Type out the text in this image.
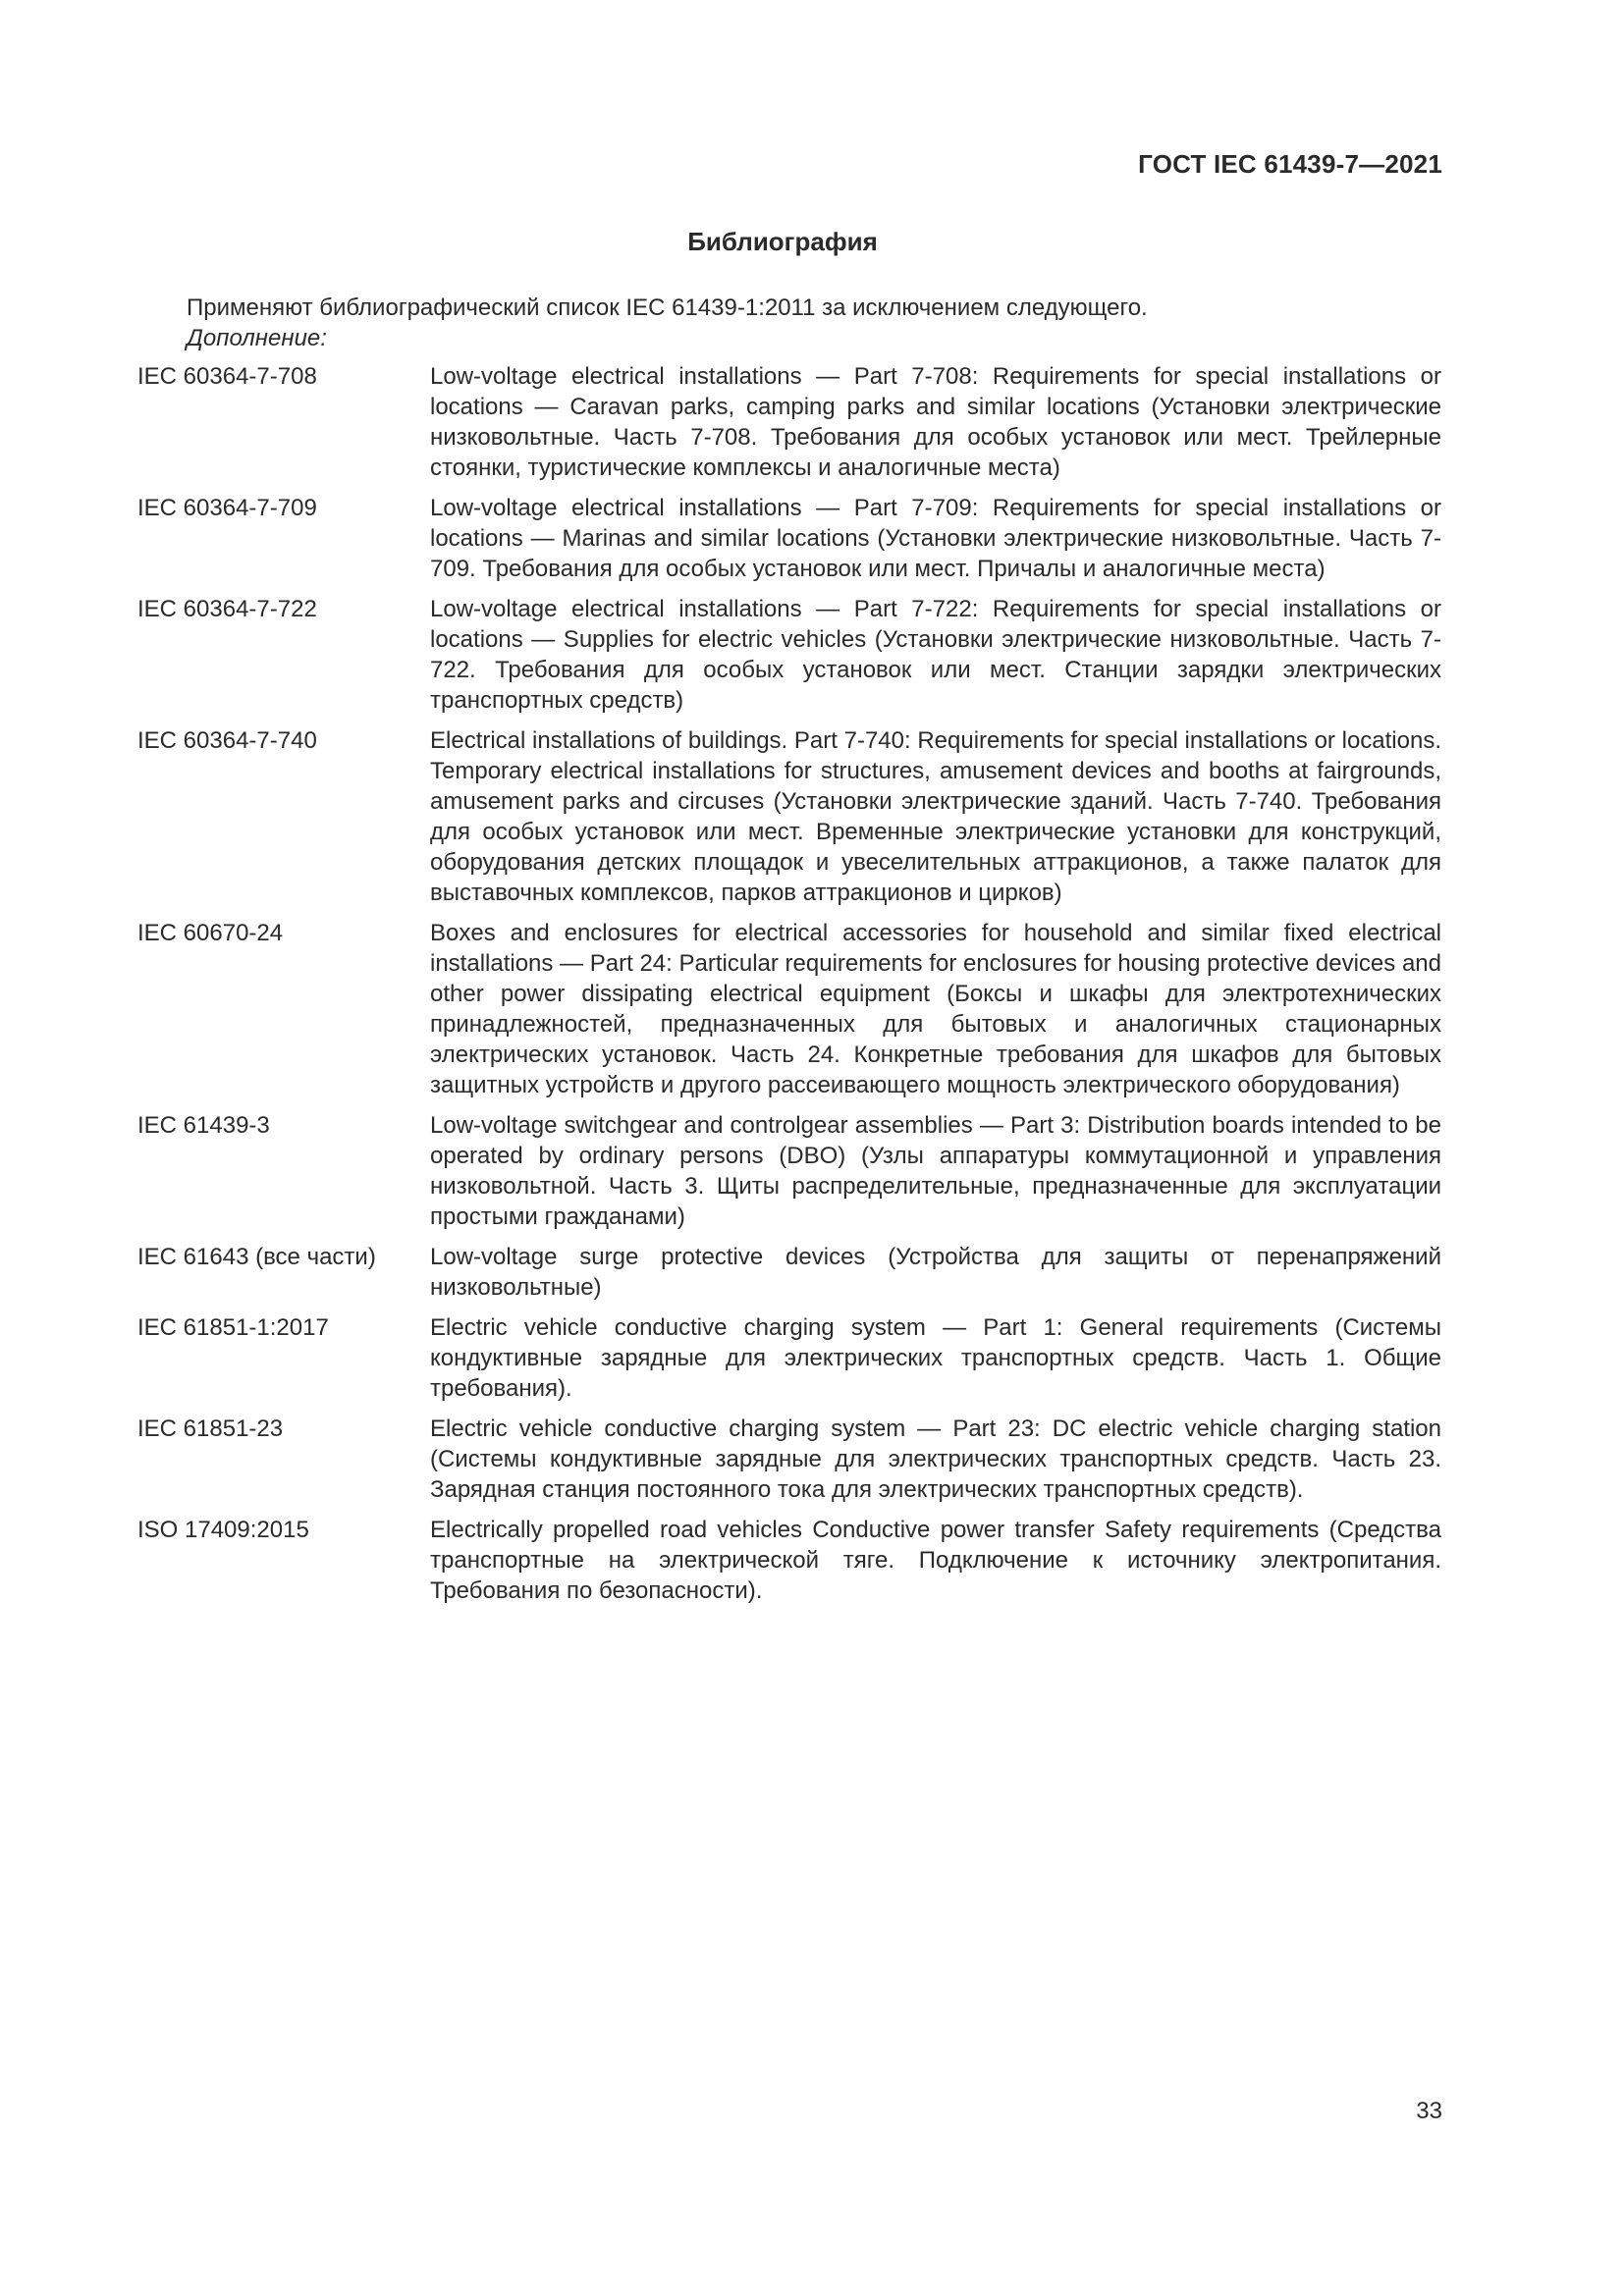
ГОСТ IEC 61439-7—2021
Библиография
Применяют библиографический список IEC 61439-1:2011 за исключением следующего.
Дополнение:
IEC 60364-7-708	Low-voltage electrical installations — Part 7-708: Requirements for special installations or locations — Caravan parks, camping parks and similar locations (Установки электрические низковольтные. Часть 7-708. Требования для особых установок или мест. Трейлерные стоянки, туристические комплексы и аналогичные места)
IEC 60364-7-709	Low-voltage electrical installations — Part 7-709: Requirements for special installations or locations — Marinas and similar locations (Установки электрические низковольтные. Часть 7-709. Требования для особых установок или мест. Причалы и аналогичные места)
IEC 60364-7-722	Low-voltage electrical installations — Part 7-722: Requirements for special installations or locations — Supplies for electric vehicles (Установки электрические низковольтные. Часть 7-722. Требования для особых установок или мест. Станции зарядки электрических транспортных средств)
IEC 60364-7-740	Electrical installations of buildings. Part 7-740: Requirements for special installations or locations. Temporary electrical installations for structures, amusement devices and booths at fairgrounds, amusement parks and circuses (Установки электрические зданий. Часть 7-740. Требования для особых установок или мест. Временные электрические установки для конструкций, оборудования детских площадок и увеселительных аттракционов, а также палаток для выставочных комплексов, парков аттракционов и цирков)
IEC 60670-24	Boxes and enclosures for electrical accessories for household and similar fixed electrical installations — Part 24: Particular requirements for enclosures for housing protective devices and other power dissipating electrical equipment (Боксы и шкафы для электротехнических принадлежностей, предназначенных для бытовых и аналогичных стационарных электрических установок. Часть 24. Конкретные требования для шкафов для бытовых защитных устройств и другого рассеивающего мощность электрического оборудования)
IEC 61439-3	Low-voltage switchgear and controlgear assemblies — Part 3: Distribution boards intended to be operated by ordinary persons (DBO) (Узлы аппаратуры коммутационной и управления низковольтной. Часть 3. Щиты распределительные, предназначенные для эксплуатации простыми гражданами)
IEC 61643 (все части)	Low-voltage surge protective devices (Устройства для защиты от перенапряжений низковольтные)
IEC 61851-1:2017	Electric vehicle conductive charging system — Part 1: General requirements (Системы кондуктивные зарядные для электрических транспортных средств. Часть 1. Общие требования).
IEC 61851-23	Electric vehicle conductive charging system — Part 23: DC electric vehicle charging station (Системы кондуктивные зарядные для электрических транспортных средств. Часть 23. Зарядная станция постоянного тока для электрических транспортных средств).
ISO 17409:2015	Electrically propelled road vehicles Conductive power transfer Safety requirements (Средства транспортные на электрической тяге. Подключение к источнику электропитания. Требования по безопасности).
33
